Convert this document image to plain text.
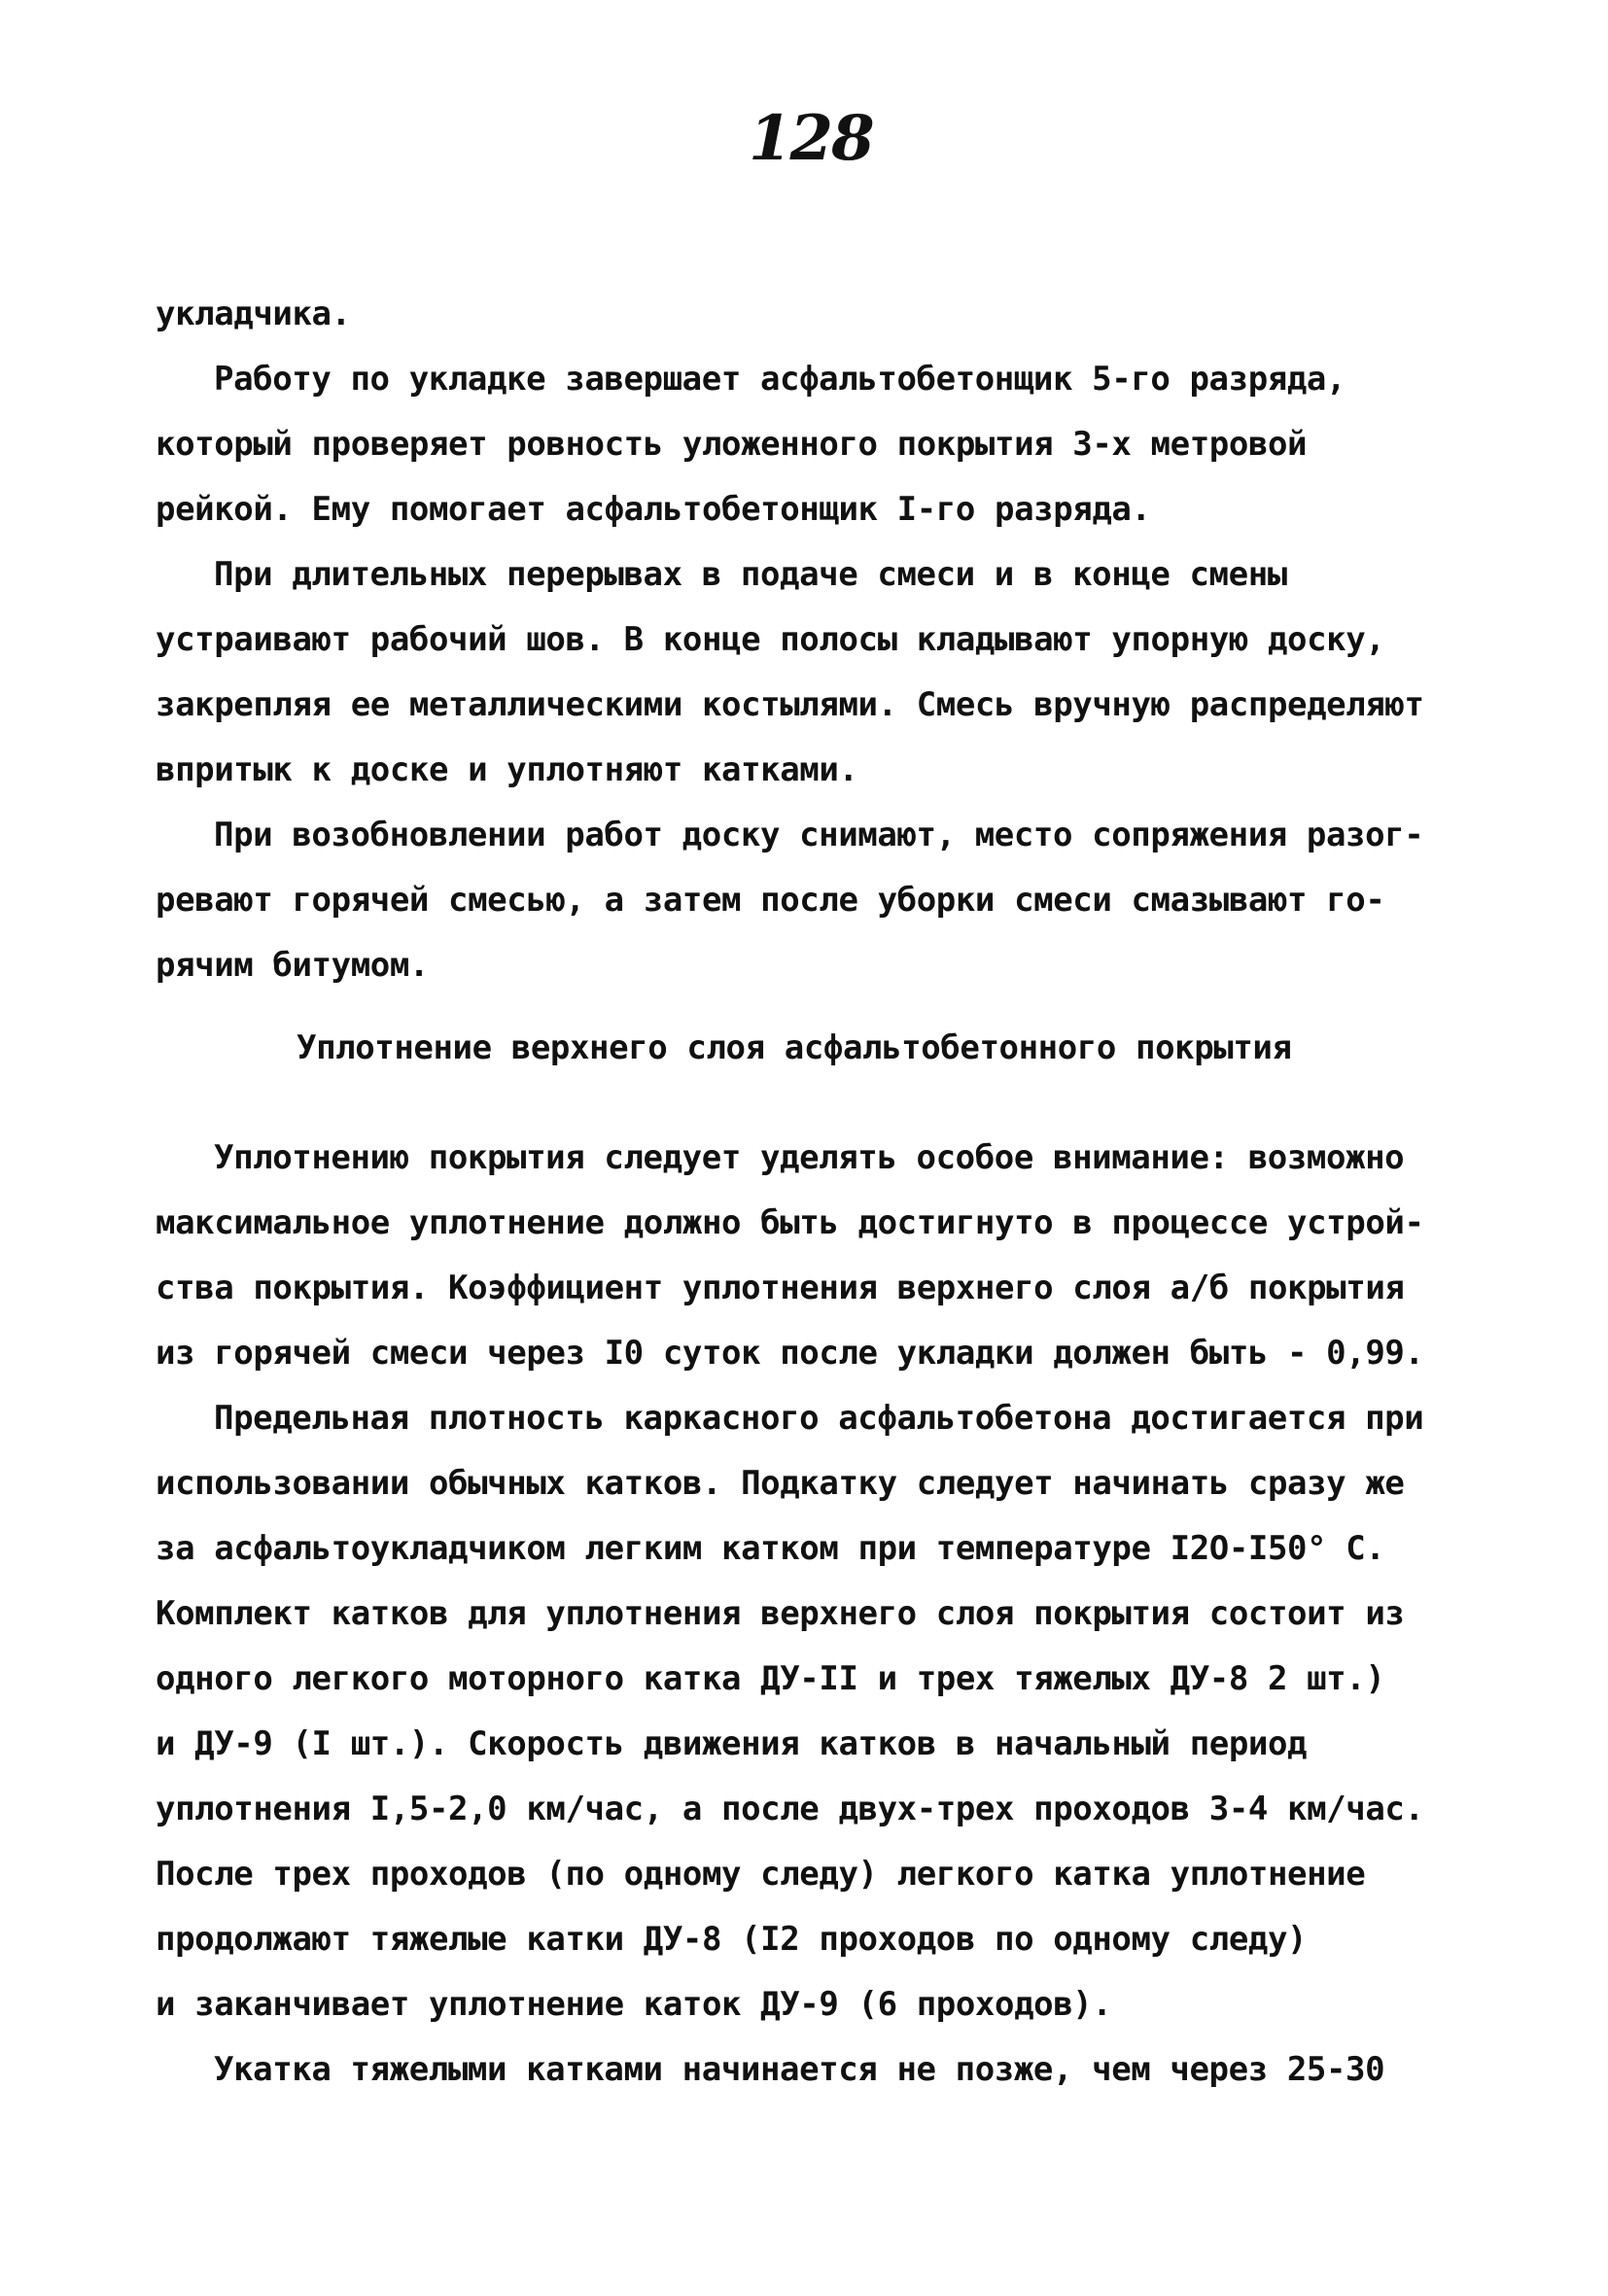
128
укладчика.
Работу по укладке завершает асфальтобетонщик 5-го разряда,
который проверяет ровность уложенного покрытия 3-х метровой
рейкой. Ему помогает асфальтобетонщик I-го разряда.
При длительных перерывах в подаче смеси и в конце смены
устраивают рабочий шов. В конце полосы кладывают упорную доску,
закрепляя ее металлическими костылями. Смесь вручную распределяют
впритык к доске и уплотняют катками.
При возобновлении работ доску снимают, место сопряжения разог-
ревают горячей смесью, а затем после уборки смеси смазывают го-
рячим битумом.
Уплотнение верхнего слоя асфальтобетонного покрытия
Уплотнению покрытия следует уделять особое внимание: возможно
максимальное уплотнение должно быть достигнуто в процессе устрой-
ства покрытия. Коэффициент уплотнения верхнего слоя а/б покрытия
из горячей смеси через I0 суток после укладки должен быть - 0,99.
Предельная плотность каркасного асфальтобетона достигается при
использовании обычных катков. Подкатку следует начинать сразу же
за асфальтоукладчиком легким катком при температуре I2O-I50° C.
Комплект катков для уплотнения верхнего слоя покрытия состоит из
одного легкого моторного катка ДУ-II и трех тяжелых ДУ-8 2 шт.)
и ДУ-9 (I шт.). Скорость движения катков в начальный период
уплотнения I,5-2,0 км/час, а после двух-трех проходов 3-4 км/час.
После трех проходов (по одному следу) легкого катка уплотнение
продолжают тяжелые катки ДУ-8 (I2 проходов по одному следу)
и заканчивает уплотнение каток ДУ-9 (6 проходов).
Укатка тяжелыми катками начинается не позже, чем через 25-30
